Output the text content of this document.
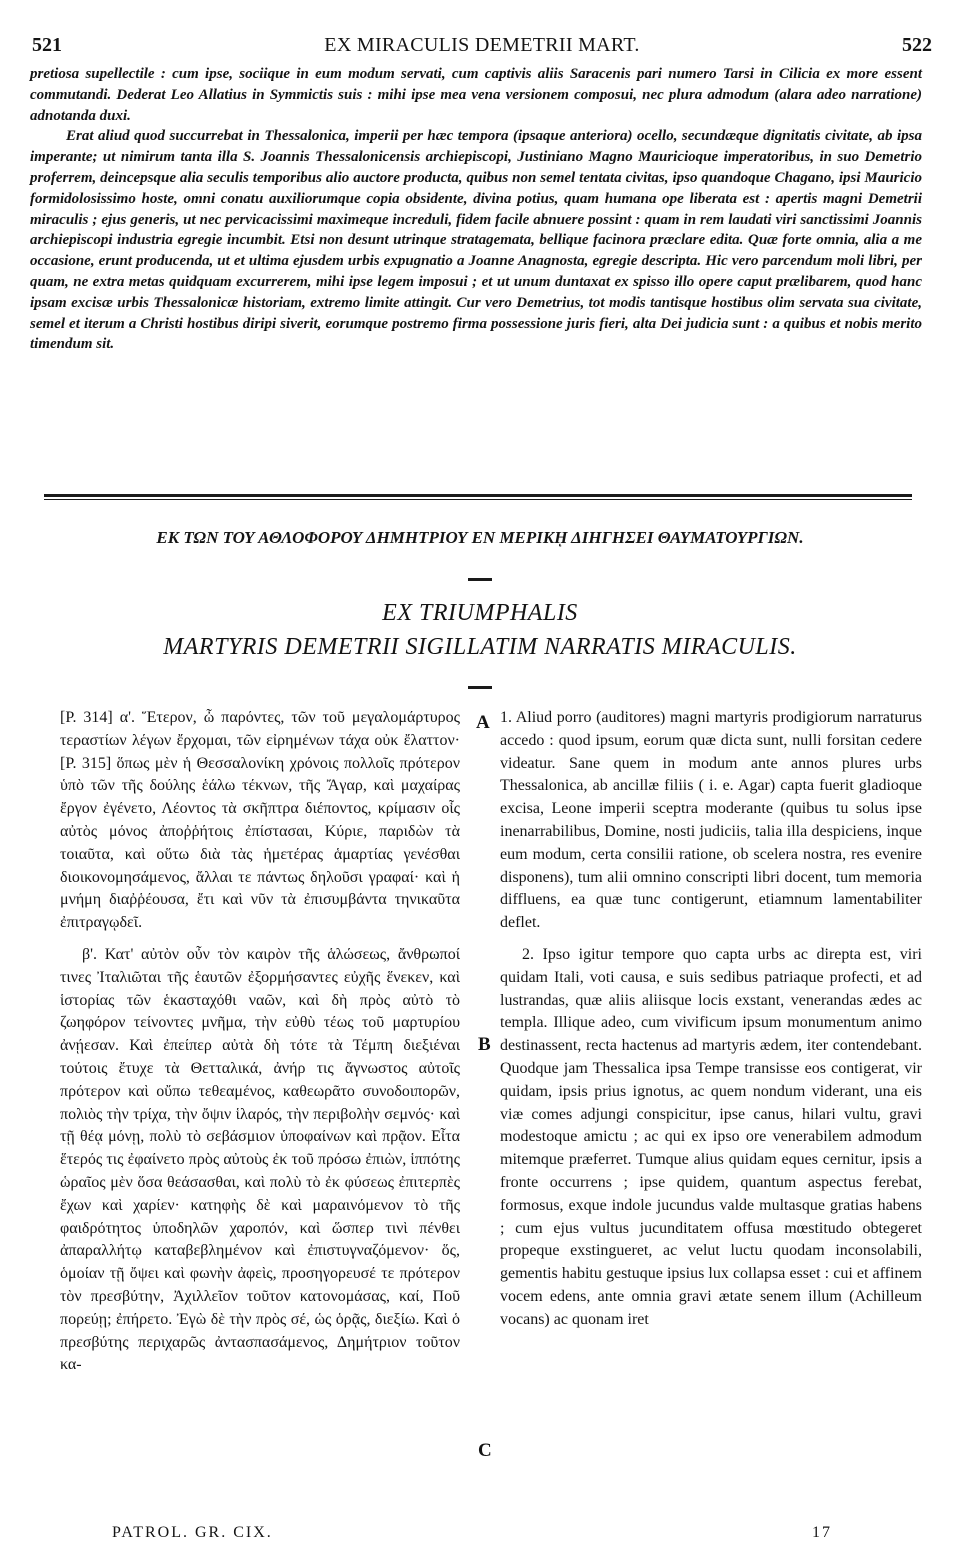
521	EX MIRACULIS DEMETRII MART.	522

pretiosa supellectile : cum ipse, sociique in eum modum servati, cum captivis aliis Saracenis pari numero Tarsi in Cilicia ex more essent commutandi. Dederat Leo Allatius in Symmictis suis : mihi ipse mea vena versionem composui, nec plura admodum (alara adeo narratione) adnotanda duxi.

Erat aliud quod succurrebat in Thessalonica, imperii per hæc tempora (ipsaque anteriora) ocello, secundæque dignitatis civitate, ab ipsa imperante; ut nimirum tanta illa S. Joannis Thessalonicensis archiepiscopi, Justiniano Magno Mauricioque imperatoribus, in suo Demetrio proferrem, deincepsque alia seculis temporibus alio auctore producta, quibus non semel tentata civitas, ipso quandoque Chagano, ipsi Mauricio formidolosissimo hoste, omni conatu auxiliorumque copia obsidente, divina potius, quam humana ope liberata est : apertis magni Demetrii miraculis ; ejus generis, ut nec pervicacissimi maximeque increduli, fidem facile abnuere possint : quam in rem laudati viri sanctissimi Joannis archiepiscopi industria egregie incumbit. Etsi non desunt utrinque stratagemata, bellique facinora præclare edita. Quæ forte omnia, alia a me occasione, erunt producenda, ut et ultima ejusdem urbis expugnatio a Joanne Anagnosta, egregie descripta. Hic vero parcendum moli libri, per quam, ne extra metas quidquam excurrerem, mihi ipse legem imposui ; et ut unum duntaxat ex spisso illo opere caput prælibarem, quod hanc ipsam excisæ urbis Thessalonicæ historiam, extremo limite attingit. Cur vero Demetrius, tot modis tantisque hostibus olim servata sua civitate, semel et iterum a Christi hostibus diripi siverit, eorumque postremo firma possessione juris fieri, alta Dei judicia sunt : a quibus et nobis merito timendum sit.

ΕΚ ΤΩΝ ΤΟΥ ΑΘΛΟΦΟΡΟΥ ΔΗΜΗΤΡΙΟΥ ΕΝ ΜΕΡΙΚῌ ΔΙΗΓΗΣΕΙ ΘΑΥΜΑΤΟΥΡΓΙΩΝ.
EX TRIUMPHALIS
MARTYRIS DEMETRII SIGILLATIM NARRATIS MIRACULIS.

[P. 314] α'. Ἕτερον, ὦ παρόντες, τῶν τοῦ μεγαλομάρτυρος τεραστίων λέγων ἔρχομαι, τῶν εἰρημένων τάχα οὐκ ἔλαττον· [P. 315] ὅπως μὲν ἡ Θεσσαλονίκη χρόνοις πολλοῖς πρότερον ὑπὸ τῶν τῆς δούλης ἑάλω τέκνων, τῆς Ἄγαρ, καὶ μαχαίρας ἔργον ἐγένετο, Λέοντος τὰ σκῆπτρα διέποντος, κρίμασιν οἷς αὐτὸς μόνος ἀποῤῥήτοις ἐπίστασαι, Κύριε, παριδὼν τὰ τοιαῦτα, καὶ οὕτω διὰ τὰς ἡμετέρας ἁμαρτίας γενέσθαι διοικονομησάμενος, ἄλλαι τε πάντως δηλοῦσι γραφαί· καὶ ἡ μνήμη διαῤῥέουσα, ἔτι καὶ νῦν τὰ ἐπισυμβάντα τηνικαῦτα ἐπιτραγῳδεῖ.

β'. Κατ' αὐτὸν οὖν τὸν καιρὸν τῆς ἁλώσεως, ἄνθρωποί τινες Ἰταλιῶται τῆς ἑαυτῶν ἐξορμήσαντες εὐχῆς ἕνεκεν, καὶ ἱστορίας τῶν ἑκασταχόθι ναῶν, καὶ δὴ πρὸς αὐτὸ τὸ ζωηφόρον τείνοντες μνῆμα, τὴν εὐθὺ τέως τοῦ μαρτυρίου ἀνῄεσαν. Καὶ ἐπείπερ αὐτὰ δὴ τότε τὰ Τέμπη διεξιέναι τούτοις ἔτυχε τὰ Θετταλικά, ἀνήρ τις ἄγνωστος αὐτοῖς πρότερον καὶ οὔπω τεθεαμένος, καθεωρᾶτο συνοδοιπορῶν, πολιὸς τὴν τρίχα, τὴν ὄψιν ἱλαρός, τὴν περιβολὴν σεμνός· καὶ τῇ θέᾳ μόνῃ, πολὺ τὸ σεβάσμιον ὑποφαίνων καὶ πρᾷον. Εἶτα ἕτερός τις ἐφαίνετο πρὸς αὐτοὺς ἐκ τοῦ πρόσω ἐπιὼν, ἱππότης ὡραῖος μὲν ὅσα θεάσασθαι, καὶ πολὺ τὸ ἐκ φύσεως ἐπιτερπὲς ἔχων καὶ χαρίεν· κατηφὴς δὲ καὶ μαραινόμενον τὸ τῆς φαιδρότητος ὑποδηλῶν χαροπόν, καὶ ὥσπερ τινὶ πένθει ἀπαραλλήτῳ καταβεβλημένον καὶ ἐπιστυγναζόμενον· ὅς, ὁμοίαν τῇ ὄψει καὶ φωνὴν ἀφεὶς, προσηγορευσέ τε πρότερον τὸν πρεσβύτην, Ἀχιλλεῖον τοῦτον κατονομάσας, καί, Ποῦ πορεύῃ; ἐπήρετο. Ἐγὼ δὲ τὴν πρὸς σέ, ὡς ὁρᾷς, διεξίω. Καὶ ὁ πρεσβύτης περιχαρῶς ἀντασπασάμενος, Δημήτριον τοῦτον κα-

A
B
C

1. Aliud porro (auditores) magni martyris prodigiorum narraturus accedo : quod ipsum, eorum quæ dicta sunt, nulli forsitan cedere videatur. Sane quem in modum ante annos plures urbs Thessalonica, ab ancillæ filiis ( i. e. Agar) capta fuerit gladioque excisa, Leone imperii sceptra moderante (quibus tu solus ipse inenarrabilibus, Domine, nosti judiciis, talia illa despiciens, inque eum modum, certa consilii ratione, ob scelera nostra, res evenire disponens), tum alii omnino conscripti libri docent, tum memoria diffluens, ea quæ tunc contigerunt, etiamnum lamentabiliter deflet.

2. Ipso igitur tempore quo capta urbs ac direpta est, viri quidam Itali, voti causa, e suis sedibus patriaque profecti, et ad lustrandas, quæ aliis aliisque locis exstant, venerandas ædes ac templa. Illique adeo, cum vivificum ipsum monumentum animo destinassent, recta hactenus ad martyris ædem, iter contendebant. Quodque jam Thessalica ipsa Tempe transisse eos contigerat, vir quidam, ipsis prius ignotus, ac quem nondum viderant, una eis viæ comes adjungi conspicitur, ipse canus, hilari vultu, gravi modestoque amictu ; ac qui ex ipso ore venerabilem admodum mitemque præferret. Tumque alius quidam eques cernitur, ipsis a fronte occurrens ; ipse quidem, quantum aspectus ferebat, formosus, exque indole jucundus valde multasque gratias habens ; cum ejus vultus jucunditatem offusa mœstitudo obtegeret propeque exstingueret, ac velut luctu quodam inconsolabili, gementis habitu gestuque ipsius lux collapsa esset : cui et affinem vocem edens, ante omnia gravi ætate senem illum (Achilleum vocans) ac quonam iret

PATROL. GR. CIX.	17
